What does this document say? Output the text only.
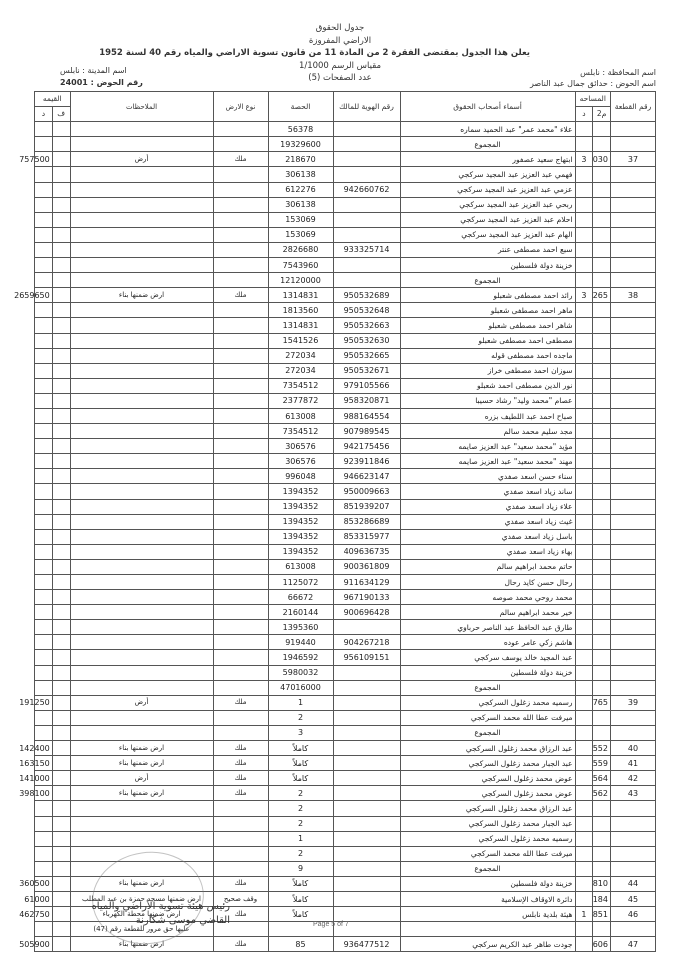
جدول الحقوق
الاراضي المفروزة
يعلن هذا الجدول بمقتضى الفقرة 2 من المادة 11 من قانون تسوية الاراضي والمياه رقم 40 لسنة 1952
مقياس الرسم 1/1000
عدد الصفحات (5)
اسم المحافظة : نابلس
اسم الحوض : حدائق جمال عبد الناصر
اسم المدينة : نابلس
رقم الحوض : 24001
رقم القطعة	المساحه		أسماء أصحاب الحقوق	رقم الهوية للمالك	الحصة	نوع الارض	الملاحظات	القيمه	
	م2	د						ف	د
			علاء "محمد عمر" عبد الحميد سماره		56378				
			المجموع		19329600				
37	030	3	ابتهاج سعيد عصفور		218670	ملك	أرض		757500
			فهمي عبد العزيز عبد المجيد سركجي		306138				
			عزمي عبد العزيز عبد المجيد سركجي	942660762	612276				
			ربحي عبد العزيز عبد المجيد سركجي		306138				
			احلام عبد العزيز عبد المجيد سركجي		153069				
			الهام عبد العزيز عبد المجيد سركجي		153069				
			سبع احمد مصطفى عنتر	933325714	2826680				
			خزينة دولة فلسطين		7543960				
			المجموع		12120000				
38	265	3	رائد احمد مصطفى شعبلو	950532689	1314831	ملك	ارض ضمنها بناء		2659650
			ماهر احمد مصطفى شعبلو	950532648	1813560				
			شاهر احمد مصطفى شعبلو	950532663	1314831				
			مصطفى احمد مصطفى شعبلو	950532630	1541526				
			ماجده احمد مصطفى قوله	950532665	272034				
			سوزان احمد مصطفى خراز	950532671	272034				
			نور الدين مصطفى احمد شعبلو	979105566	7354512				
			عصام "محمد وليد" رشاد حسيبا	958320871	2377872				
			صباح احمد عبد اللطيف بزره	988164554	613008				
			مجد سليم محمد سالم	907989545	7354512				
			مؤيد "محمد سعيد" عبد العزيز صايمه	942175456	306576				
			مهند "محمد سعيد" عبد العزيز صايمه	923911846	306576				
			سناء حسن اسعد صفدي	946623147	996048				
			ساند زياد اسعد صفدي	950009663	1394352				
			علاء زياد اسعد صفدي	851939207	1394352				
			غيث زياد اسعد صفدي	853286689	1394352				
			باسل زياد اسعد صفدي	853315977	1394352				
			بهاء زياد اسعد صفدي	409636735	1394352				
			حاتم محمد ابراهيم سالم	900361809	613008				
			رحال حسن كايد رحال	911634129	1125072				
			محمد روحي محمد صوصه	967190133	66672				
			خير محمد ابراهيم سالم	900696428	2160144				
			طارق عبد الحافظ عبد الناصر حرباوي		1395360				
			هاشم زكي عامر عوده	904267218	919440				
			عبد المجيد خالد يوسف سركجي	956109151	1946592				
			خزينة دولة فلسطين		5980032				
			المجموع		47016000				
39	765		رسميه محمد زغلول السركجي		1	ملك	أرض		191250
			ميرفت عطا الله محمد السركجي		2				
			المجموع		3				
40	552		عبد الرزاق محمد زغلول السركجي		كاملاً	ملك	ارض ضمنها بناء		142400
41	559		عبد الجبار محمد زغلول السركجي		كاملاً	ملك	ارض ضمنها بناء		163150
42	564		عوض محمد زغلول السركجي		كاملاً	ملك	أرض		141000
43	562		عوض محمد زغلول السركجي		2	ملك	ارض ضمنها بناء		398100
			عبد الرزاق محمد زغلول السركجي		2				
			عبد الجبار محمد زغلول السركجي		2				
			رسميه محمد زغلول السركجي		1				
			ميرفت عطا الله محمد السركجي		2				
			المجموع		9				
44	810		خزينة دولة فلسطين		كاملاً	ملك	ارض ضمنها بناء		360500
45	184		دائرة الاوقاف الإسلامية		كاملاً	وقف صحيح	ارض ضمنها مسجد حمزة بن عبد المطلب		61000
46	851	1	هيئة بلدية نابلس		كاملاً	ملك	ارض ضمنها محطة الكهرباء		462750
							عليها حق مرور للقطعة رقم (47)		
47	606		جودت طاهر عبد الكريم سركجي	936477512	85	ملك	ارض ضمنها بناء		505900
رئيس هيئة تسوية الأراضي والمياه
القاضي موسى شكارنة	Page 5 of 7
